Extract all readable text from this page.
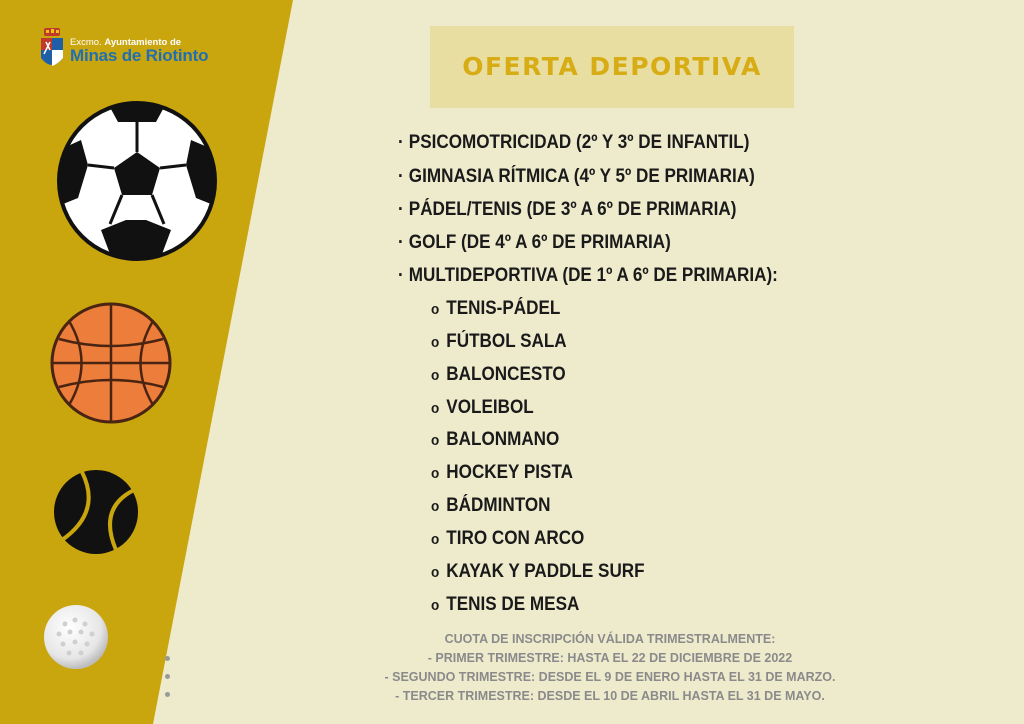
Excmo. Ayuntamiento de
Minas de Riotinto	OFERTA DEPORTIVA
· PSICOMOTRICIDAD (2º Y 3º DE INFANTIL)
· GIMNASIA RÍTMICA (4º Y 5º DE PRIMARIA)
· PÁDEL/TENIS (DE 3º A 6º DE PRIMARIA)
· GOLF (DE 4º A 6º DE PRIMARIA)
· MULTIDEPORTIVA (DE 1º A 6º DE PRIMARIA):
o TENIS-PÁDEL
o FÚTBOL SALA
o BALONCESTO
o VOLEIBOL
o BALONMANO
o HOCKEY PISTA
o BÁDMINTON
o TIRO CON ARCO
o KAYAK Y PADDLE SURF
o TENIS DE MESA
CUOTA DE INSCRIPCIÓN VÁLIDA TRIMESTRALMENTE:
- PRIMER TRIMESTRE: HASTA EL 22 DE DICIEMBRE DE 2022
- SEGUNDO TRIMESTRE: DESDE EL 9 DE ENERO HASTA EL 31 DE MARZO.
- TERCER TRIMESTRE: DESDE EL 10 DE ABRIL HASTA EL 31 DE MAYO.
